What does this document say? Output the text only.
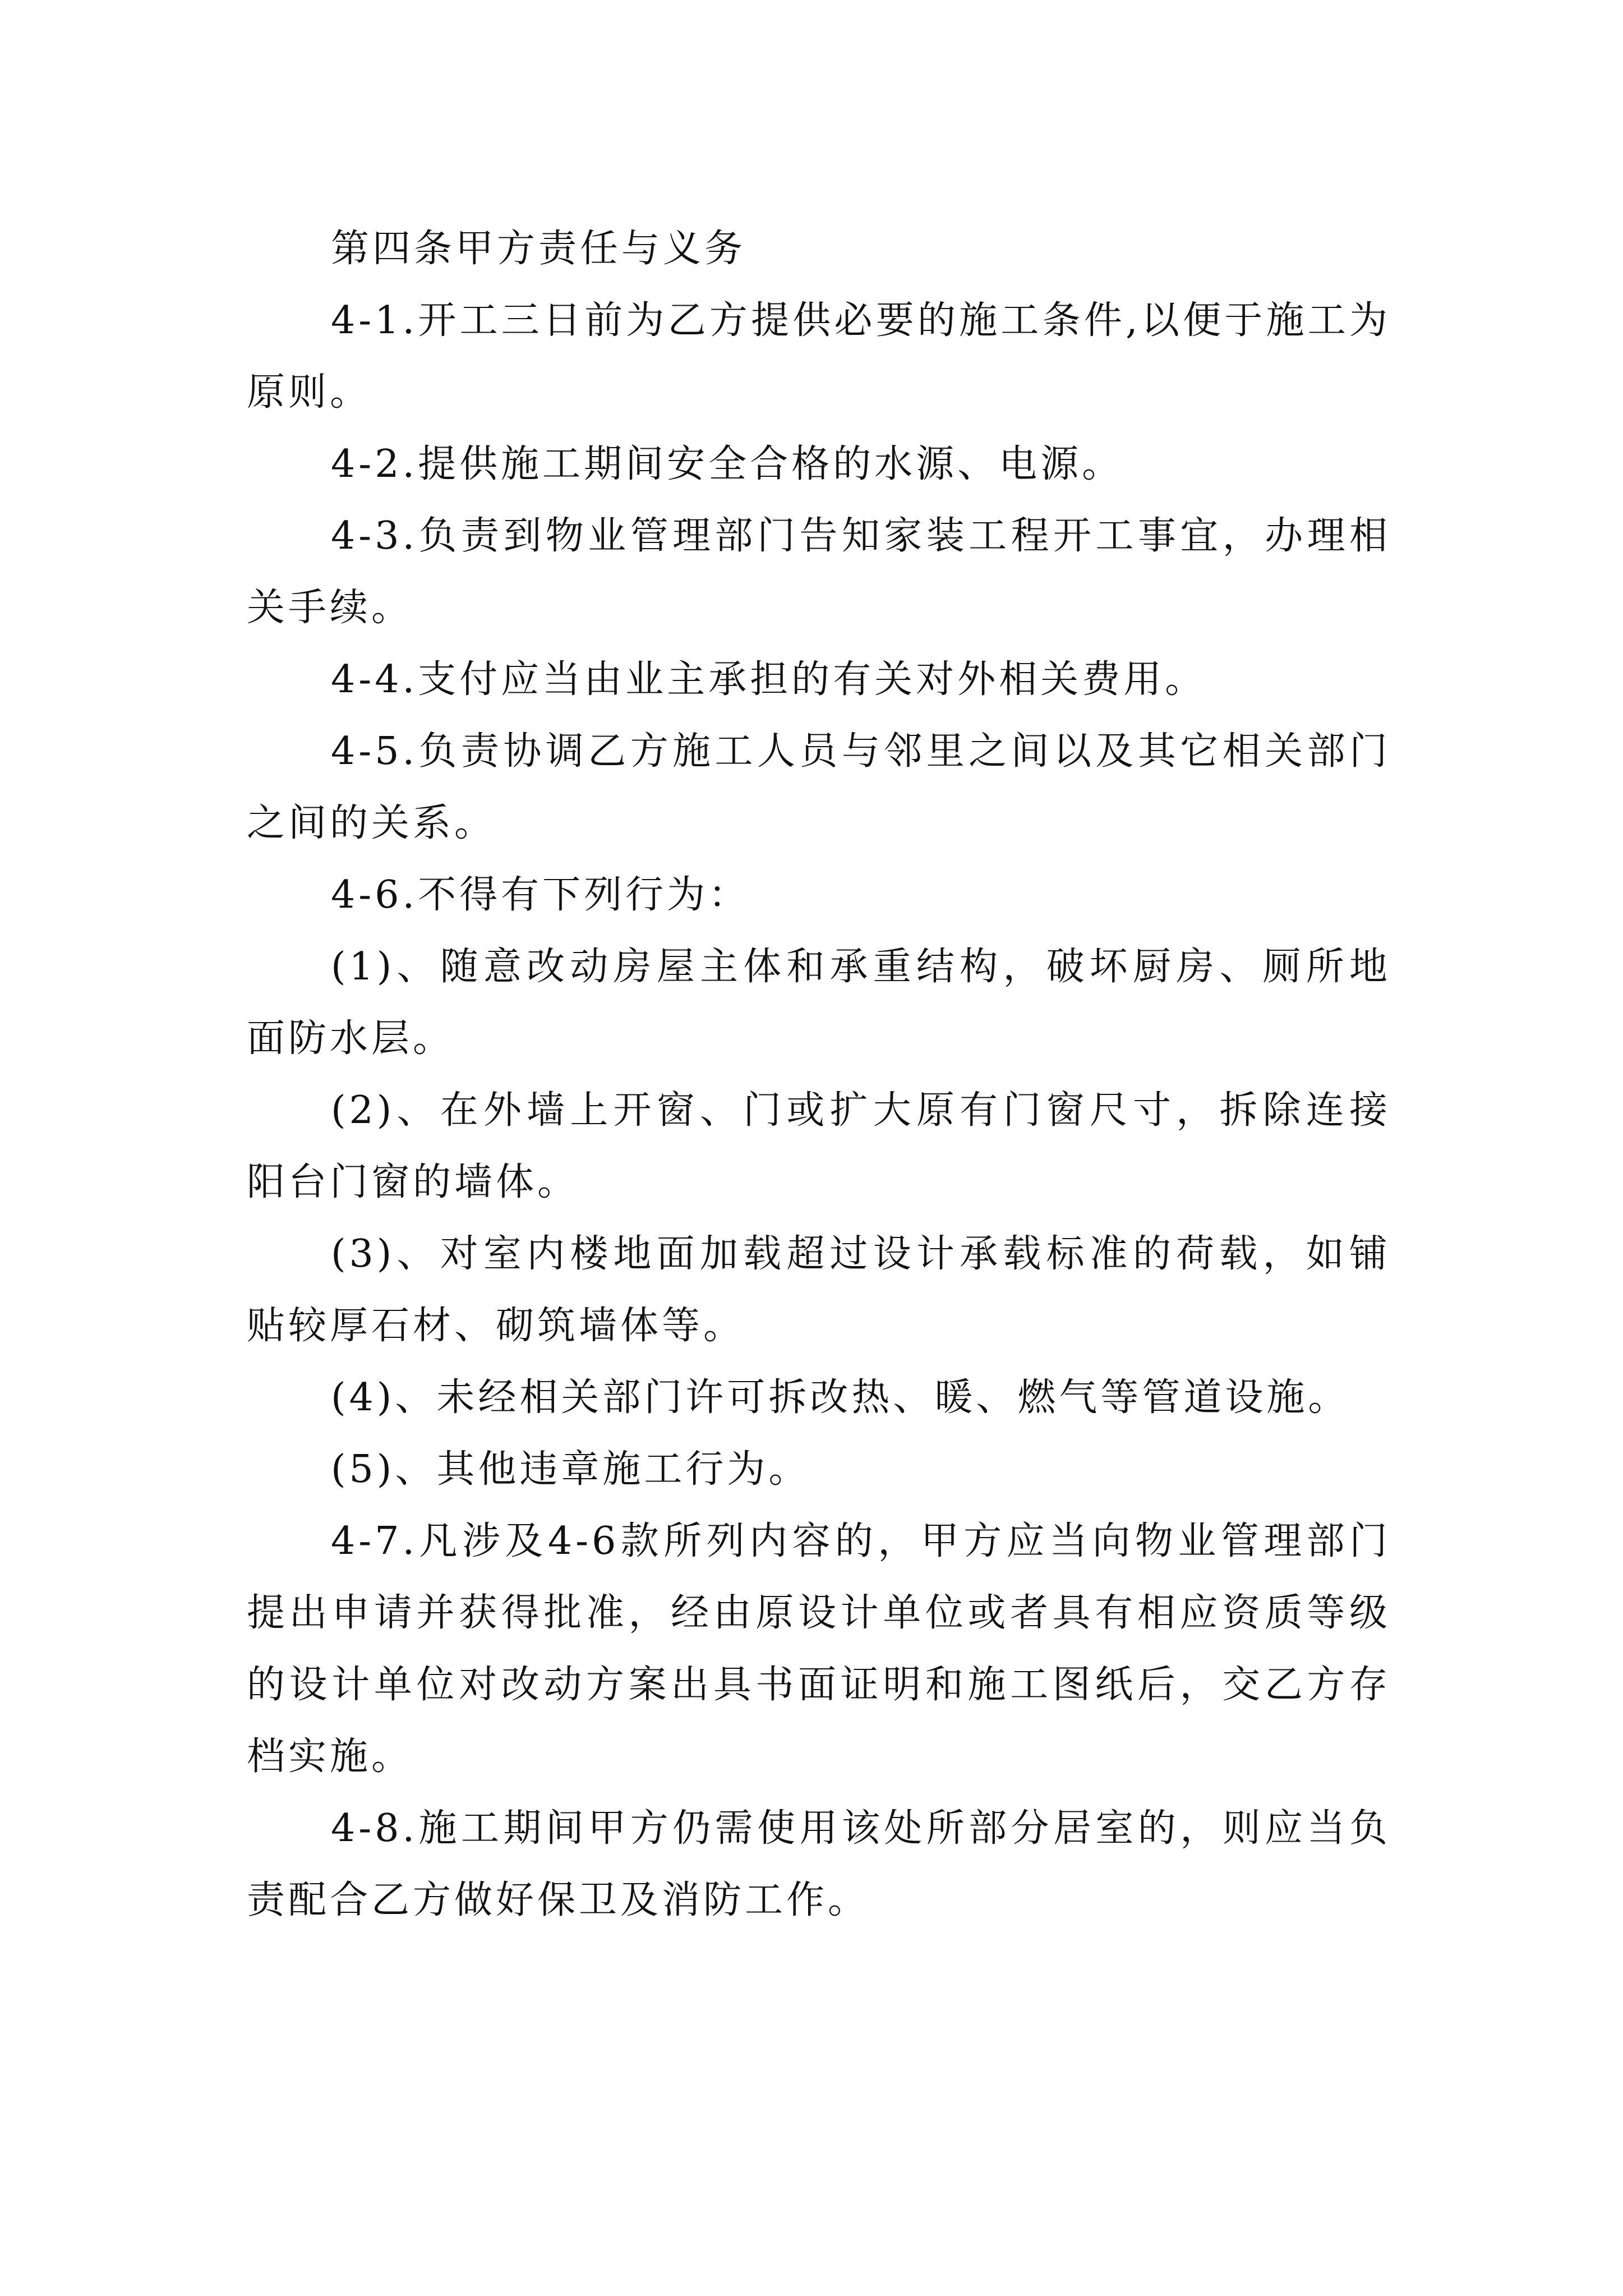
第四条甲方责任与义务

4-1.开工三日前为乙方提供必要的施工条件,以便于施工为原则。

4-2.提供施工期间安全合格的水源、电源。

4-3.负责到物业管理部门告知家装工程开工事宜，办理相关手续。

4-4.支付应当由业主承担的有关对外相关费用。

4-5.负责协调乙方施工人员与邻里之间以及其它相关部门之间的关系。

4-6.不得有下列行为：

(1)、随意改动房屋主体和承重结构，破坏厨房、厕所地面防水层。

(2)、在外墙上开窗、门或扩大原有门窗尺寸，拆除连接阳台门窗的墙体。

(3)、对室内楼地面加载超过设计承载标准的荷载，如铺贴较厚石材、砌筑墙体等。

(4)、未经相关部门许可拆改热、暖、燃气等管道设施。

(5)、其他违章施工行为。

4-7.凡涉及4-6款所列内容的，甲方应当向物业管理部门提出申请并获得批准，经由原设计单位或者具有相应资质等级的设计单位对改动方案出具书面证明和施工图纸后，交乙方存档实施。

4-8.施工期间甲方仍需使用该处所部分居室的，则应当负责配合乙方做好保卫及消防工作。
